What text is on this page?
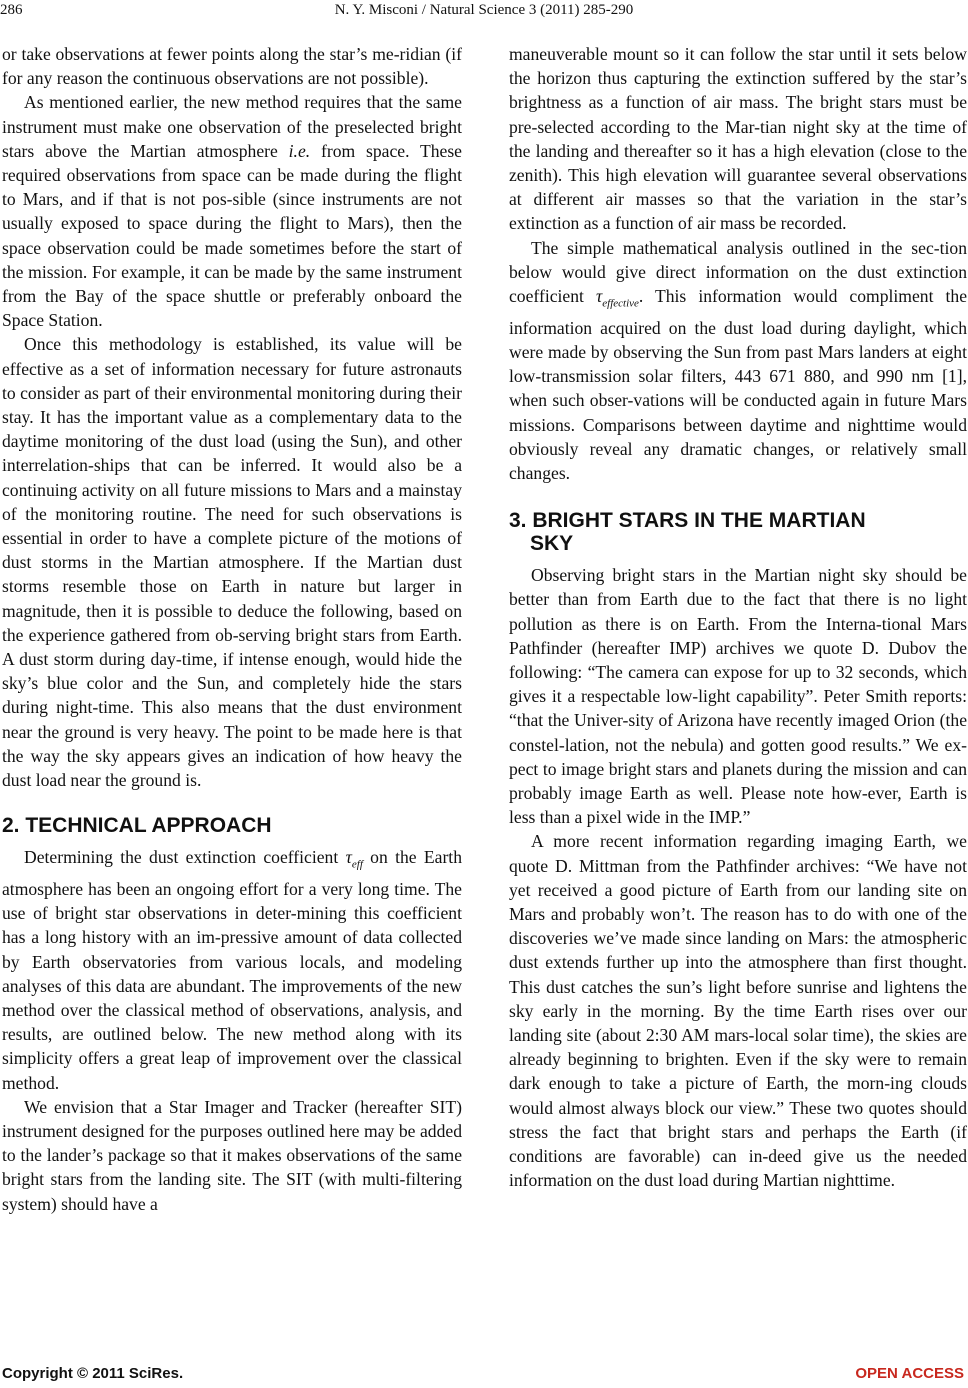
286	N. Y. Misconi / Natural Science 3 (2011) 285-290

or take observations at fewer points along the star’s me-ridian (if for any reason the continuous observations are not possible).

As mentioned earlier, the new method requires that the same instrument must make one observation of the preselected bright stars above the Martian atmosphere i.e. from space. These required observations from space can be made during the flight to Mars, and if that is not pos-sible (since instruments are not usually exposed to space during the flight to Mars), then the space observation could be made sometimes before the start of the mission. For example, it can be made by the same instrument from the Bay of the space shuttle or preferably onboard the Space Station.

Once this methodology is established, its value will be effective as a set of information necessary for future astronauts to consider as part of their environmental monitoring during their stay. It has the important value as a complementary data to the daytime monitoring of the dust load (using the Sun), and other interrelation-ships that can be inferred. It would also be a continuing activity on all future missions to Mars and a mainstay of the monitoring routine. The need for such observations is essential in order to have a complete picture of the motions of dust storms in the Martian atmosphere. If the Martian dust storms resemble those on Earth in nature but larger in magnitude, then it is possible to deduce the following, based on the experience gathered from ob-serving bright stars from Earth. A dust storm during day-time, if intense enough, would hide the sky’s blue color and the Sun, and completely hide the stars during night-time. This also means that the dust environment near the ground is very heavy. The point to be made here is that the way the sky appears gives an indication of how heavy the dust load near the ground is.

2. TECHNICAL APPROACH

Determining the dust extinction coefficient $\tau_{eff}$ on the Earth atmosphere has been an ongoing effort for a very long time. The use of bright star observations in deter-mining this coefficient has a long history with an im-pressive amount of data collected by Earth observatories from various locals, and modeling analyses of this data are abundant. The improvements of the new method over the classical method of observations, analysis, and results, are outlined below. The new method along with its simplicity offers a great leap of improvement over the classical method.

We envision that a Star Imager and Tracker (hereafter SIT) instrument designed for the purposes outlined here may be added to the lander’s package so that it makes observations of the same bright stars from the landing site. The SIT (with multi-filtering system) should have a

maneuverable mount so it can follow the star until it sets below the horizon thus capturing the extinction suffered by the star’s brightness as a function of air mass. The bright stars must be pre-selected according to the Mar-tian night sky at the time of the landing and thereafter so it has a high elevation (close to the zenith). This high elevation will guarantee several observations at different air masses so that the variation in the star’s extinction as a function of air mass be recorded.

The simple mathematical analysis outlined in the sec-tion below would give direct information on the dust extinction coefficient $\tau_{effective}$. This information would compliment the information acquired on the dust load during daylight, which were made by observing the Sun from past Mars landers at eight low-transmission solar filters, 443 671 880, and 990 nm [1], when such obser-vations will be conducted again in future Mars missions. Comparisons between daytime and nighttime would obviously reveal any dramatic changes, or relatively small changes.

3. BRIGHT STARS IN THE MARTIAN
SKY

Observing bright stars in the Martian night sky should be better than from Earth due to the fact that there is no light pollution as there is on Earth. From the Interna-tional Mars Pathfinder (hereafter IMP) archives we quote D. Dubov the following: “The camera can expose for up to 32 seconds, which gives it a respectable low-light capability”. Peter Smith reports: “that the Univer-sity of Arizona have recently imaged Orion (the constel-lation, not the nebula) and gotten good results.” We ex-pect to image bright stars and planets during the mission and can probably image Earth as well. Please note how-ever, Earth is less than a pixel wide in the IMP.”

A more recent information regarding imaging Earth, we quote D. Mittman from the Pathfinder archives: “We have not yet received a good picture of Earth from our landing site on Mars and probably won’t. The reason has to do with one of the discoveries we’ve made since landing on Mars: the atmospheric dust extends further up into the atmosphere than first thought. This dust catches the sun’s light before sunrise and lightens the sky early in the morning. By the time Earth rises over our landing site (about 2:30 AM mars-local solar time), the skies are already beginning to brighten. Even if the sky were to remain dark enough to take a picture of Earth, the morn-ing clouds would almost always block our view.” These two quotes should stress the fact that bright stars and perhaps the Earth (if conditions are favorable) can in-deed give us the needed information on the dust load during Martian nighttime.

Copyright © 2011 SciRes.	OPEN ACCESS
